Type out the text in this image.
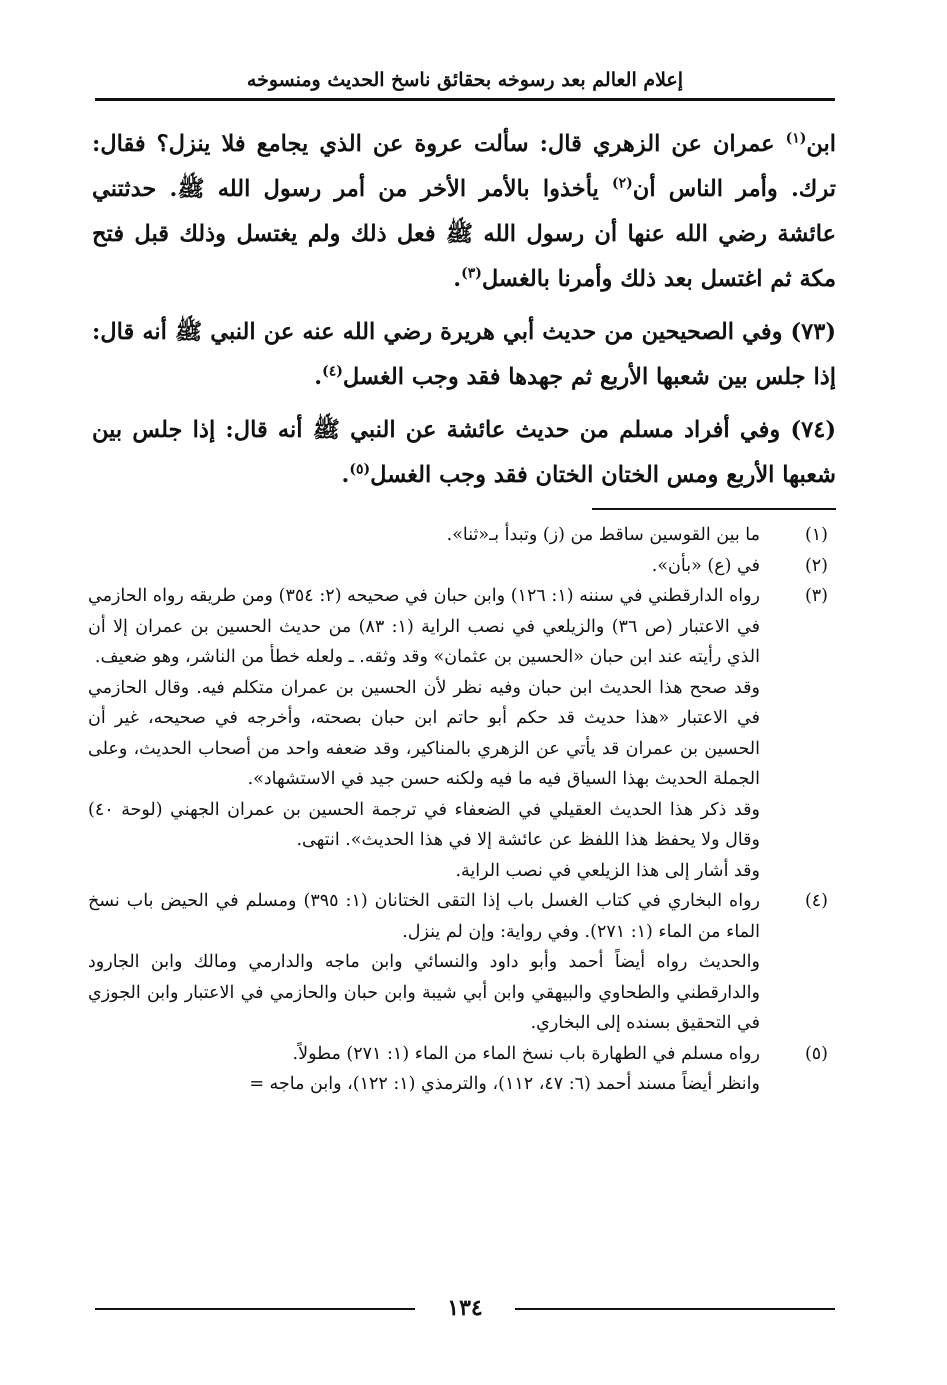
إعلام العالم بعد رسوخه بحقائق ناسخ الحديث ومنسوخه

ابن$^{(١)}$ عمران عن الزهري قال: سألت عروة عن الذي يجامع فلا ينزل؟ فقال: ترك. وأمر الناس أن$^{(٢)}$ يأخذوا بالأمر الأخر من أمر رسول الله ﷺ. حدثتني عائشة رضي الله عنها أن رسول الله ﷺ فعل ذلك ولم يغتسل وذلك قبل فتح مكة ثم اغتسل بعد ذلك وأمرنا بالغسل$^{(٣)}$.

(٧٣) وفي الصحيحين من حديث أبي هريرة رضي الله عنه عن النبي ﷺ أنه قال: إذا جلس بين شعبها الأربع ثم جهدها فقد وجب الغسل$^{(٤)}$.

(٧٤) وفي أفراد مسلم من حديث عائشة عن النبي ﷺ أنه قال: إذا جلس بين شعبها الأربع ومس الختان الختان فقد وجب الغسل$^{(٥)}$.

(١)
ما بين القوسين ساقط من (ز) وتبدأ بـ«ثنا».
(٢)
في (ع) «بأن».
(٣)
رواه الدارقطني في سننه (١: ١٢٦) وابن حبان في صحيحه (٢: ٣٥٤) ومن طريقه رواه الحازمي في الاعتبار (ص ٣٦) والزيلعي في نصب الراية (١: ٨٣) من حديث الحسين بن عمران إلا أن الذي رأيته عند ابن حبان «الحسين بن عثمان» وقد وثقه. ـ ولعله خطأ من الناشر، وهو ضعيف.
وقد صحح هذا الحديث ابن حبان وفيه نظر لأن الحسين بن عمران متكلم فيه. وقال الحازمي في الاعتبار «هذا حديث قد حكم أبو حاتم ابن حبان بصحته، وأخرجه في صحيحه، غير أن الحسين بن عمران قد يأتي عن الزهري بالمناكير، وقد ضعفه واحد من أصحاب الحديث، وعلى الجملة الحديث بهذا السياق فيه ما فيه ولكنه حسن جيد في الاستشهاد».
وقد ذكر هذا الحديث العقيلي في الضعفاء في ترجمة الحسين بن عمران الجهني (لوحة ٤٠) وقال ولا يحفظ هذا اللفظ عن عائشة إلا في هذا الحديث». انتهى.
وقد أشار إلى هذا الزيلعي في نصب الراية.
(٤)
رواه البخاري في كتاب الغسل باب إذا التقى الختانان (١: ٣٩٥) ومسلم في الحيض باب نسخ الماء من الماء (١: ٢٧١). وفي رواية: وإن لم ينزل.
والحديث رواه أيضاً أحمد وأبو داود والنسائي وابن ماجه والدارمي ومالك وابن الجارود والدارقطني والطحاوي والبيهقي وابن أبي شيبة وابن حبان والحازمي في الاعتبار وابن الجوزي في التحقيق بسنده إلى البخاري.
(٥)
رواه مسلم في الطهارة باب نسخ الماء من الماء (١: ٢٧١) مطولاً.
وانظر أيضاً مسند أحمد (٦: ٤٧، ١١٢)، والترمذي (١: ١٢٢)، وابن ماجه =
١٣٤
